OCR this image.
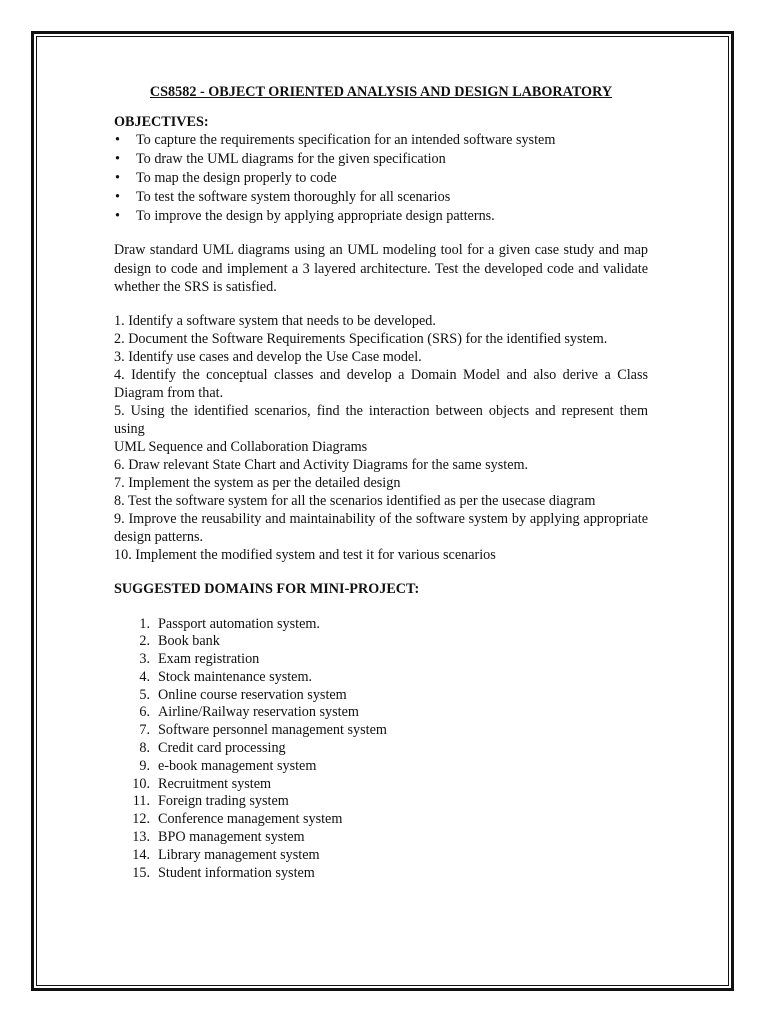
CS8582 - OBJECT ORIENTED ANALYSIS AND DESIGN LABORATORY
OBJECTIVES:
• To capture the requirements specification for an intended software system
• To draw the UML diagrams for the given specification
• To map the design properly to code
• To test the software system thoroughly for all scenarios
• To improve the design by applying appropriate design patterns.
Draw standard UML diagrams using an UML modeling tool for a given case study and map design to code and implement a 3 layered architecture. Test the developed code and validate whether the SRS is satisfied.
1. Identify a software system that needs to be developed.
2. Document the Software Requirements Specification (SRS) for the identified system.
3. Identify use cases and develop the Use Case model.
4. Identify the conceptual classes and develop a Domain Model and also derive a Class Diagram from that.
5. Using the identified scenarios, find the interaction between objects and represent them using
UML Sequence and Collaboration Diagrams
6. Draw relevant State Chart and Activity Diagrams for the same system.
7. Implement the system as per the detailed design
8. Test the software system for all the scenarios identified as per the usecase diagram
9. Improve the reusability and maintainability of the software system by applying appropriate design patterns.
10. Implement the modified system and test it for various scenarios
SUGGESTED DOMAINS FOR MINI-PROJECT:
1. Passport automation system.
2. Book bank
3. Exam registration
4. Stock maintenance system.
5. Online course reservation system
6. Airline/Railway reservation system
7. Software personnel management system
8. Credit card processing
9. e-book management system
10. Recruitment system
11. Foreign trading system
12. Conference management system
13. BPO management system
14. Library management system
15. Student information system
